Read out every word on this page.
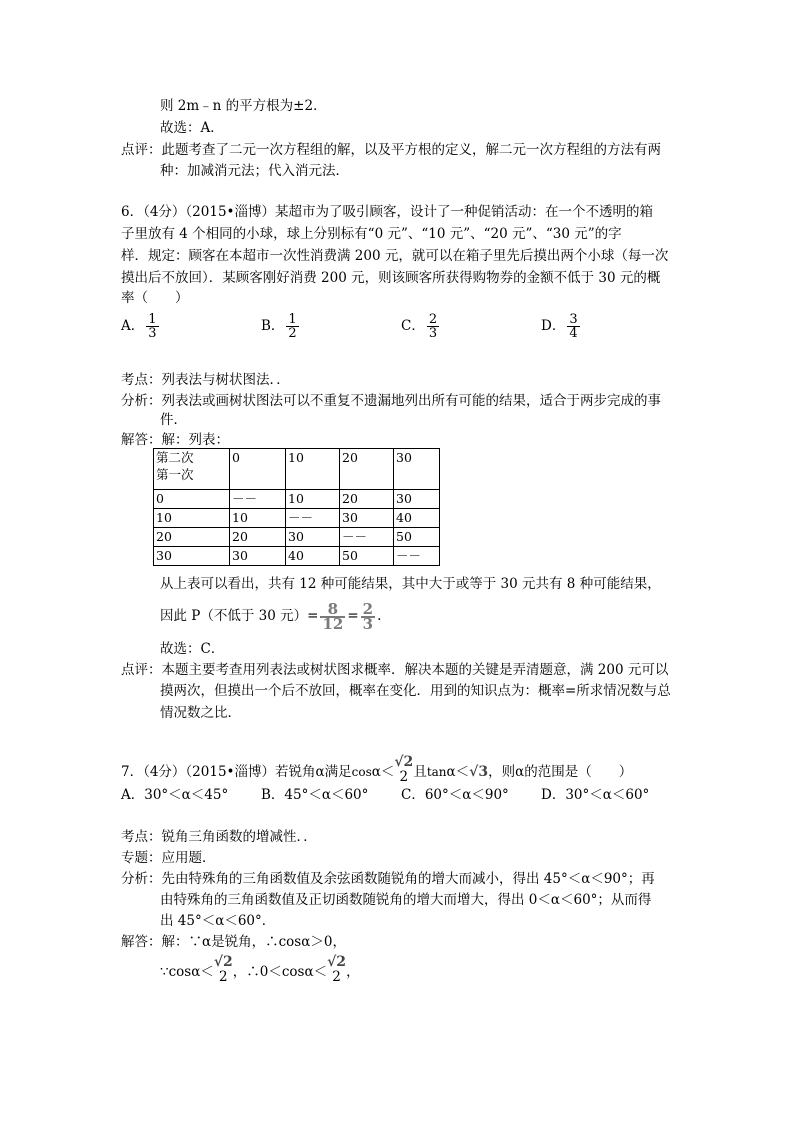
则 2m﹣n 的平方根为±2．
故选：A．
点评：此题考查了二元一次方程组的解，以及平方根的定义，解二元一次方程组的方法有两
种：加减消元法；代入消元法．
6．（4分）（2015•淄博）某超市为了吸引顾客，设计了一种促销活动：在一个不透明的箱
子里放有 4 个相同的小球，球上分别标有“0 元”、“10 元”、“20 元”、“30 元”的字
样．规定：顾客在本超市一次性消费满 200 元，就可以在箱子里先后摸出两个小球（每一次
摸出后不放回）．某顾客刚好消费 200 元，则该顾客所获得购物券的金额不低于 30 元的概
率（　　）
A． $\frac{1}{3}$	B． $\frac{1}{2}$	C． $\frac{2}{3}$	D． $\frac{3}{4}$
考点：列表法与树状图法．．
分析：列表法或画树状图法可以不重复不遗漏地列出所有可能的结果，适合于两步完成的事
件．
解答：解：列表：
第二次
第一次	0	10	20	30
0	－－	10	20	30
10	10	－－	30	40
20	20	30	－－	50
30	30	40	50	－－
从上表可以看出，共有 12 种可能结果，其中大于或等于 30 元共有 8 种可能结果，
因此 P（不低于 30 元）= $\frac{8}{12} = \frac{2}{3}$ .
故选：C．
点评：本题主要考查用列表法或树状图求概率．解决本题的关键是弄清题意，满 200 元可以
摸两次，但摸出一个后不放回，概率在变化．用到的知识点为：概率=所求情况数与总
情况数之比．
7．（4分）（2015•淄博）若锐角α满足cosα＜
√2
2 且tanα＜√3，则α的范围是（　　）
A．30°＜α＜45° B．45°＜α＜60° C．60°＜α＜90° D．30°＜α＜60°
考点：锐角三角函数的增减性．．
专题：应用题．
分析：先由特殊角的三角函数值及余弦函数随锐角的增大而减小，得出 45°＜α＜90°；再
由特殊角的三角函数值及正切函数随锐角的增大而增大，得出 0＜α＜60°；从而得
出 45°＜α＜60°．
解答：解：∵α是锐角，∴cosα＞0，
∵cosα＜
√2
2 ，∴0＜cosα＜
√2
2 ，
